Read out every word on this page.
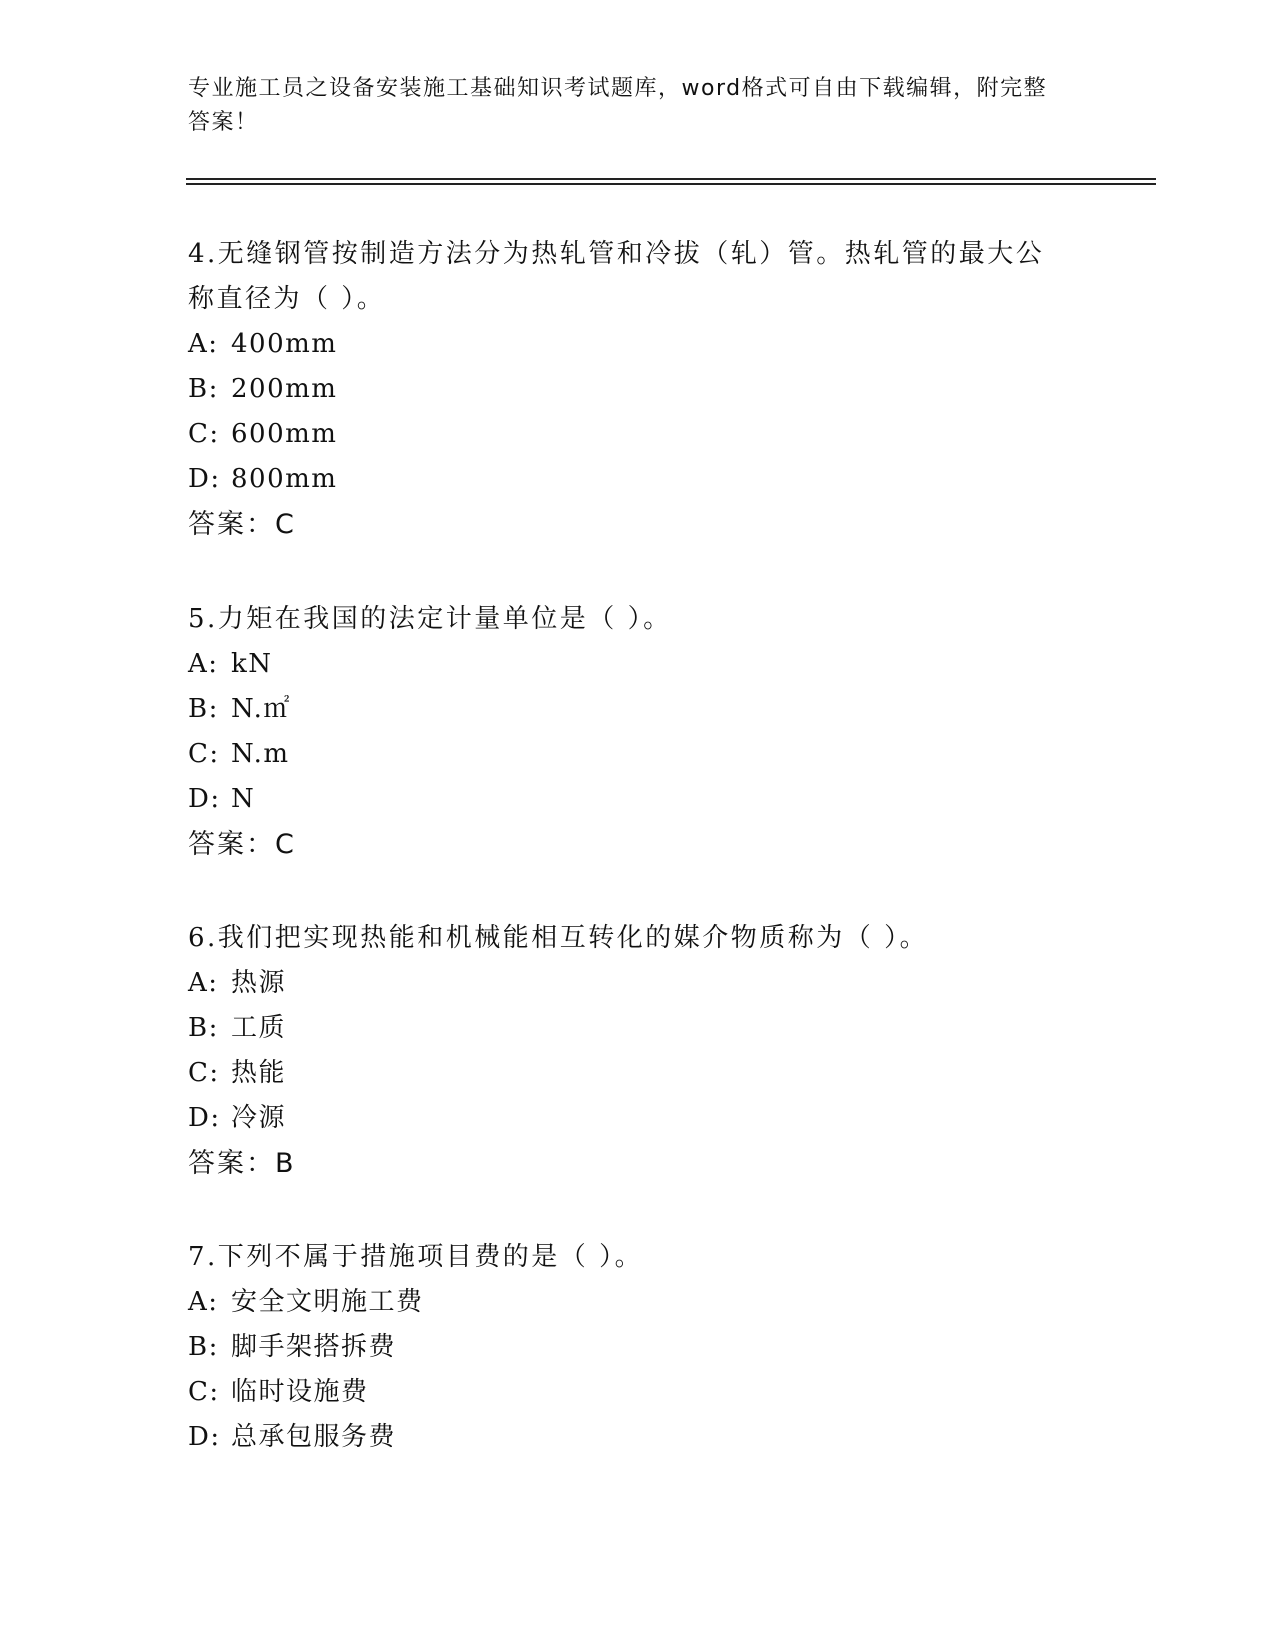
专业施工员之设备安装施工基础知识考试题库，word格式可自由下载编辑，附完整答案！

4.无缝钢管按制造方法分为热轧管和冷拔（轧）管。热轧管的最大公称直径为（ ）。

A: 400mm

B: 200mm

C: 600mm

D: 800mm

答案：C

5.力矩在我国的法定计量单位是（ ）。

A: kN

B: N.㎡

C: N.m

D: N

答案：C

6.我们把实现热能和机械能相互转化的媒介物质称为（ ）。

A: 热源

B: 工质

C: 热能

D: 冷源

答案：B

7.下列不属于措施项目费的是（ ）。

A: 安全文明施工费

B: 脚手架搭拆费

C: 临时设施费

D: 总承包服务费
